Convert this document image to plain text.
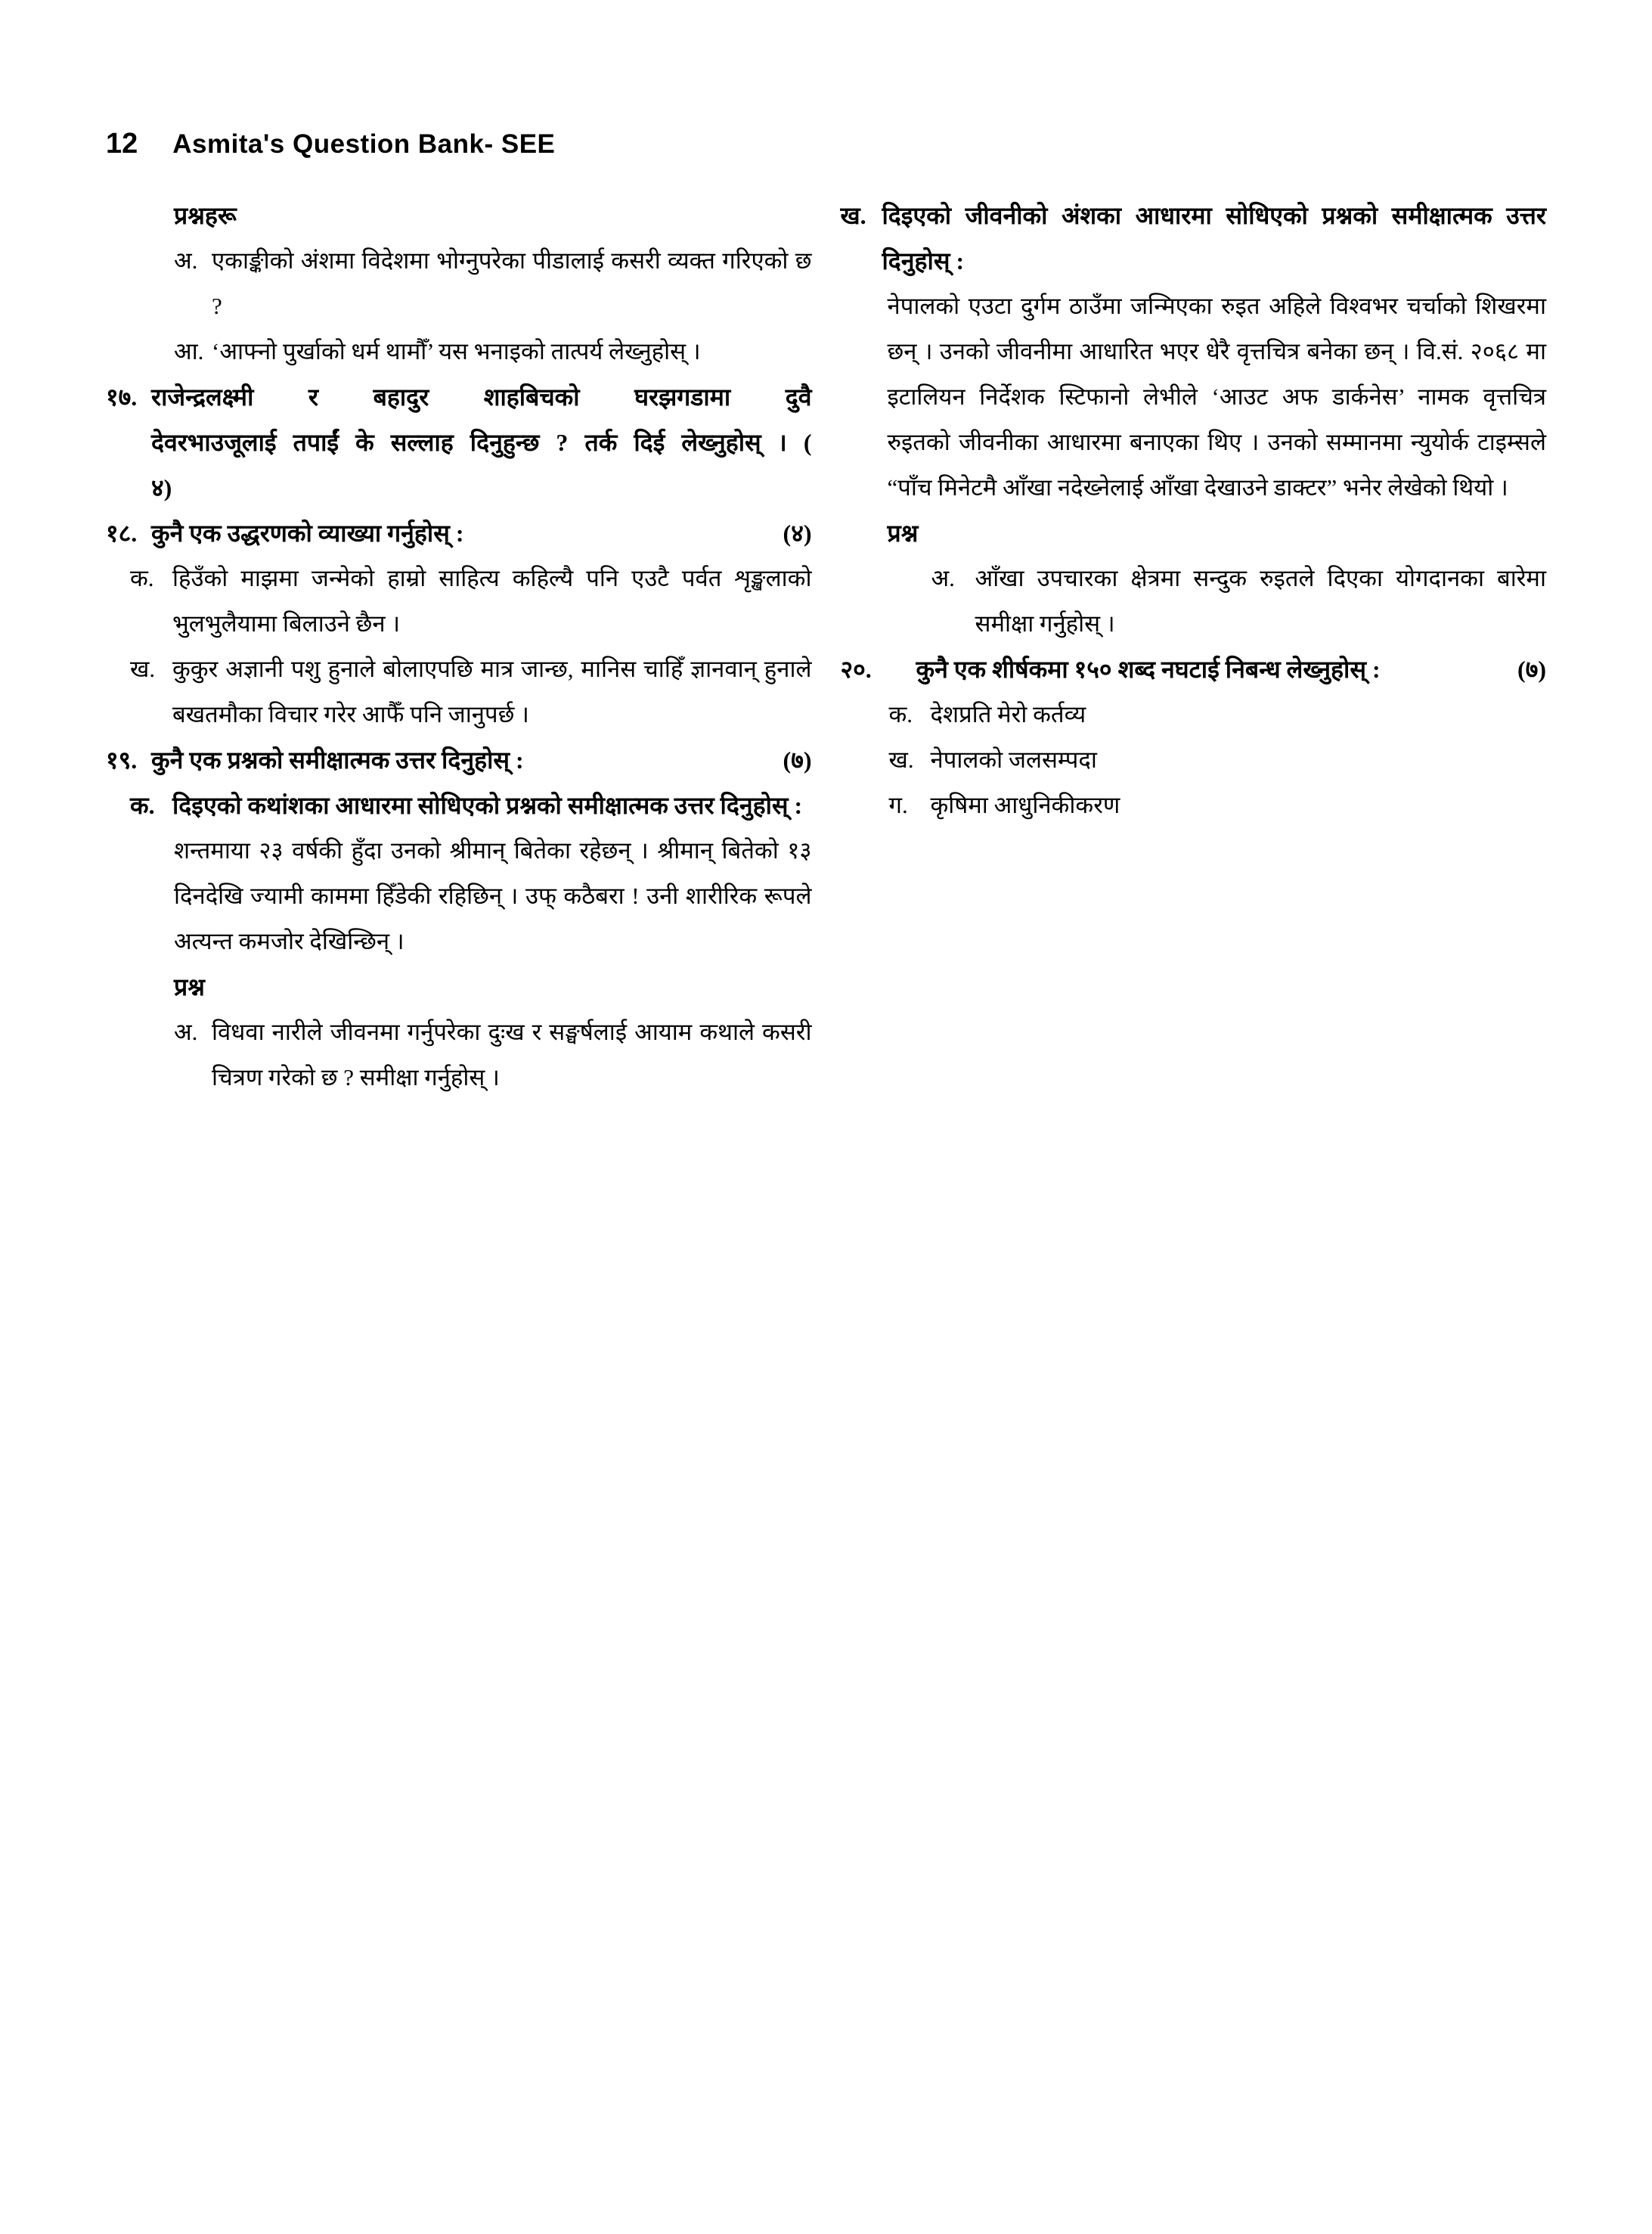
12 Asmita's Question Bank- SEE
प्रश्नहरू
अ. एकाङ्कीको अंशमा विदेशमा भोग्नुपरेका पीडालाई कसरी व्यक्त गरिएको छ ?
आ. ‘आफ्नो पुर्खाको धर्म थामौँ’ यस भनाइको तात्पर्य लेख्नुहोस् ।
१७. राजेन्द्रलक्ष्मी र बहादुर शाहबिचको घरझगडामा दुवै
देवरभाउजूलाई तपाईं के सल्लाह दिनुहुन्छ ? तर्क दिई लेख्नुहोस् । (
४)
१८. कुनै एक उद्धरणको व्याख्या गर्नुहोस् :	(४)
क. हिउँको माझमा जन्मेको हाम्रो साहित्य कहिल्यै पनि एउटै पर्वत शृङ्खलाको भुलभुलैयामा बिलाउने छैन ।
ख. कुकुर अज्ञानी पशु हुनाले बोलाएपछि मात्र जान्छ, मानिस चाहिँ ज्ञानवान् हुनाले बखतमौका विचार गरेर आफैँ पनि जानुपर्छ ।
१९. कुनै एक प्रश्नको समीक्षात्मक उत्तर दिनुहोस् :	(७)
क. दिइएको कथांशका आधारमा सोधिएको प्रश्नको समीक्षात्मक उत्तर दिनुहोस् :
शन्तमाया २३ वर्षकी हुँदा उनको श्रीमान् बितेका रहेछन् । श्रीमान् बितेको १३ दिनदेखि ज्यामी काममा हिँडेकी रहिछिन् । उफ् कठैबरा ! उनी शारीरिक रूपले अत्यन्त कमजोर देखिन्छिन् ।
प्रश्न
अ. विधवा नारीले जीवनमा गर्नुपरेका दुःख र सङ्घर्षलाई आयाम कथाले कसरी चित्रण गरेको छ ? समीक्षा गर्नुहोस् ।
ख. दिइएको जीवनीको अंशका आधारमा सोधिएको प्रश्नको समीक्षात्मक उत्तर दिनुहोस् :
नेपालको एउटा दुर्गम ठाउँमा जन्मिएका रुइत अहिले विश्वभर चर्चाको शिखरमा छन् । उनको जीवनीमा आधारित भएर धेरै वृत्तचित्र बनेका छन् । वि.सं. २०६८ मा इटालियन निर्देशक स्टिफानो लेभीले ‘आउट अफ डार्कनेस’ नामक वृत्तचित्र रुइतको जीवनीका आधारमा बनाएका थिए । उनको सम्मानमा न्युयोर्क टाइम्सले “पाँच मिनेटमै आँखा नदेख्नेलाई आँखा देखाउने डाक्टर” भनेर लेखेको थियो ।
प्रश्न
अ. आँखा उपचारका क्षेत्रमा सन्दुक रुइतले दिएका योगदानका बारेमा समीक्षा गर्नुहोस् ।
२०.	कुनै एक शीर्षकमा १५० शब्द नघटाई निबन्ध लेख्नुहोस् :	(७)
क. देशप्रति मेरो कर्तव्य
ख. नेपालको जलसम्पदा
ग. कृषिमा आधुनिकीकरण
